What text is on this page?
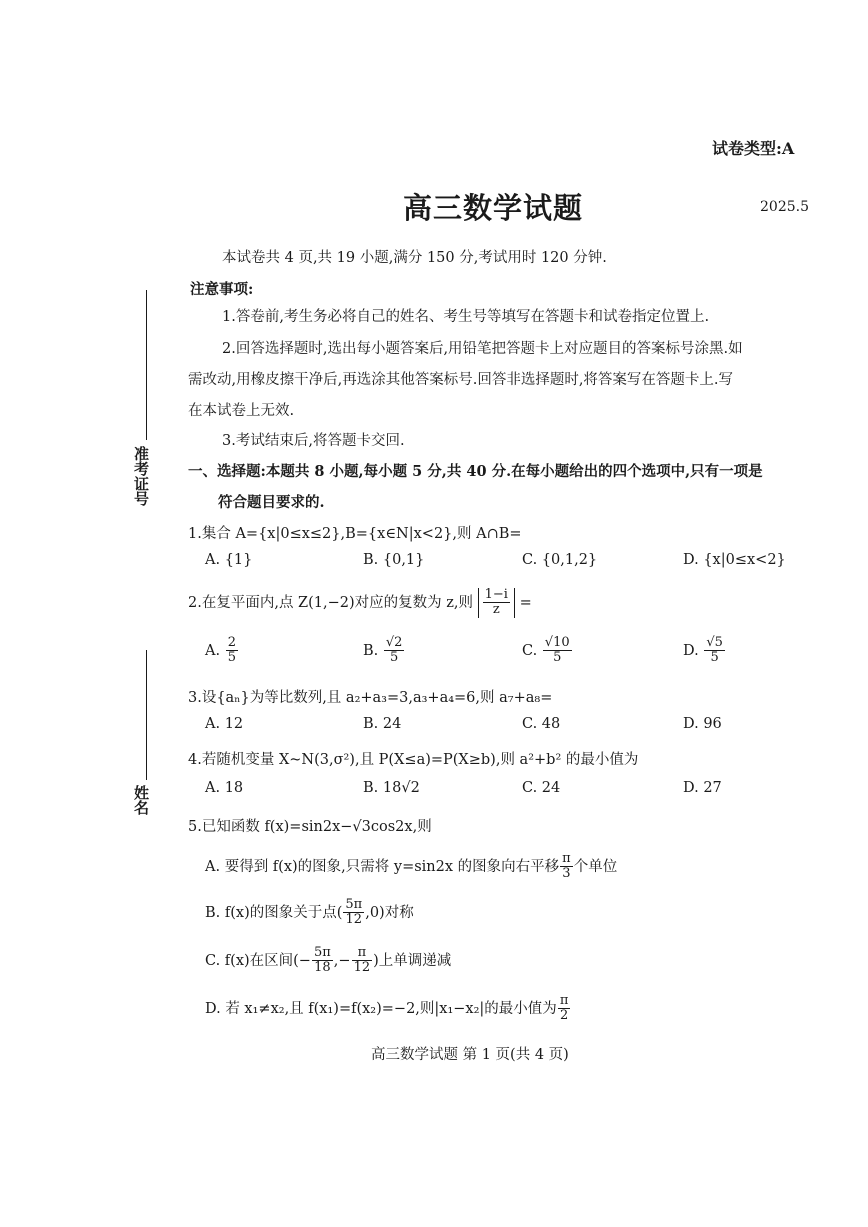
试卷类型:A
高三数学试题	2025.5
本试卷共 4 页,共 19 小题,满分 150 分,考试用时 120 分钟.
注意事项:
1.答卷前,考生务必将自己的姓名、考生号等填写在答题卡和试卷指定位置上.
2.回答选择题时,选出每小题答案后,用铅笔把答题卡上对应题目的答案标号涂黑.如
需改动,用橡皮擦干净后,再选涂其他答案标号.回答非选择题时,将答案写在答题卡上.写
在本试卷上无效.
3.考试结束后,将答题卡交回.
一、选择题:本题共 8 小题,每小题 5 分,共 40 分.在每小题给出的四个选项中,只有一项是
符合题目要求的.
准考证号
姓名
1.集合 A={x|0≤x≤2},B={x∈N|x<2},则 A∩B=
A. {1}	B. {0,1}	C. {0,1,2}	D. {x|0≤x<2}
2.在复平面内,点 Z(1,−2)对应的复数为 z,则 $\frac{1-i}{z}$ =
A. $\frac{2}{5}$	B. $\frac{√2}{5}$	C. $\frac{√10}{5}$	D. $\frac{√5}{5}$
3.设{aₙ}为等比数列,且 a₂+a₃=3,a₃+a₄=6,则 a₇+a₈=
A. 12	B. 24	C. 48	D. 96
4.若随机变量 X~N(3,σ²),且 P(X≤a)=P(X≥b),则 a²+b² 的最小值为
A. 18	B. 18√2	C. 24	D. 27
5.已知函数 f(x)=sin2x−√3cos2x,则
A. 要得到 f(x)的图象,只需将 y=sin2x 的图象向右平移 $\frac{\pi}{3}$ 个单位
B. f(x)的图象关于点( $\frac{5\pi}{12} ,0$)对称
C. f(x)在区间(− $\frac{5\pi}{18}$ ,− $\frac{\pi}{12}$ )上单调递减
D. 若 x₁≠x₂,且 f(x₁)=f(x₂)=−2,则|x₁−x₂|的最小值为 $\frac{\pi}{2}$
高三数学试题 第 1 页(共 4 页)
